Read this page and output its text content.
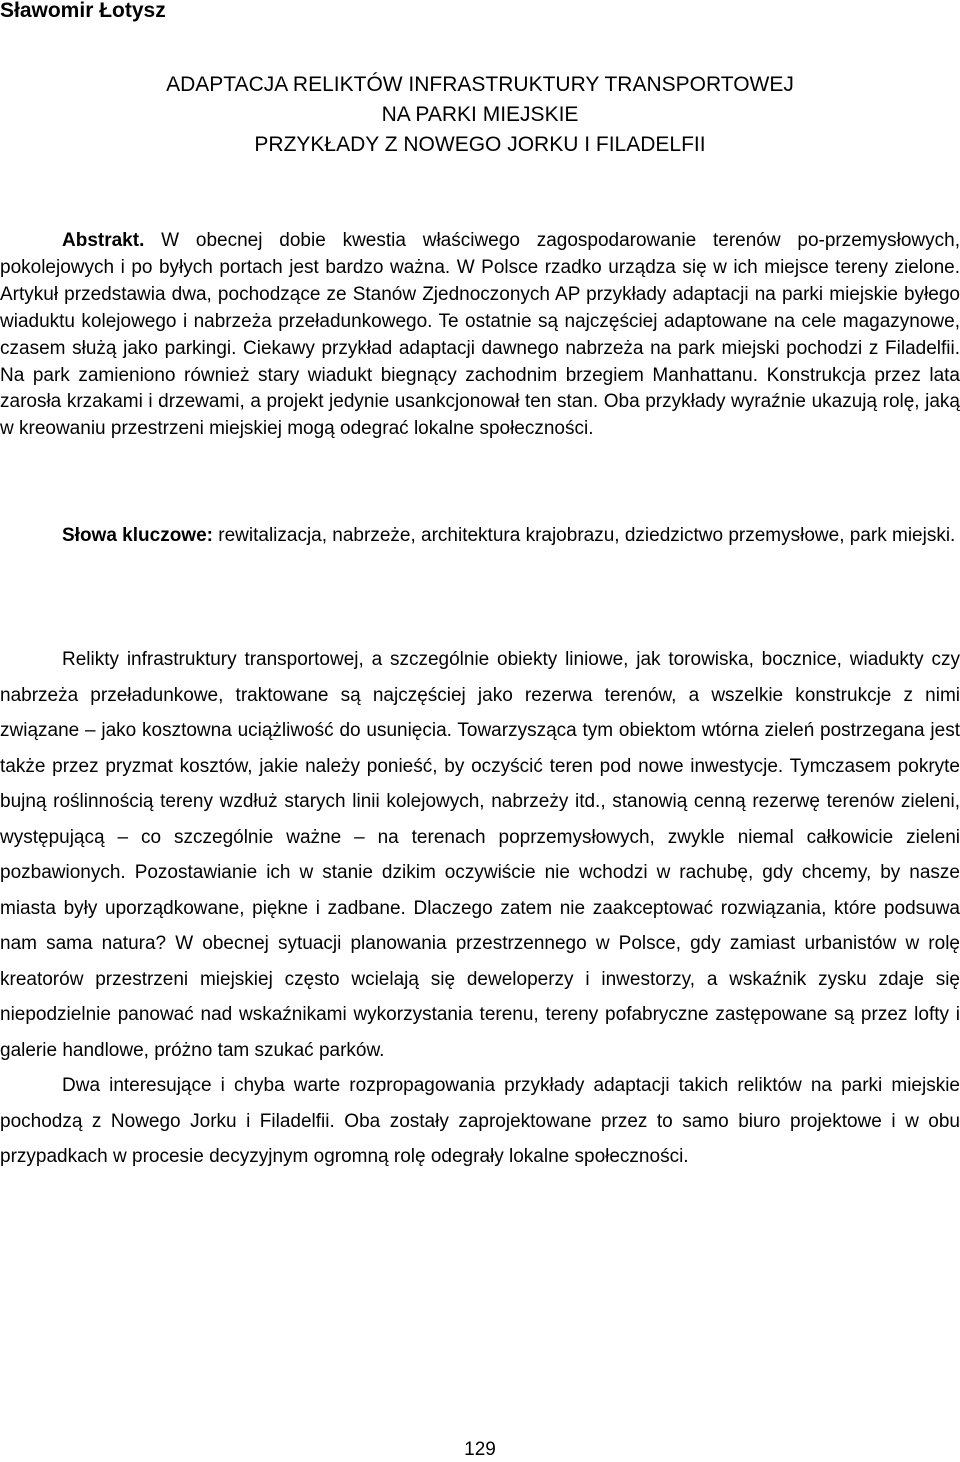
Sławomir Łotysz
ADAPTACJA RELIKTÓW INFRASTRUKTURY TRANSPORTOWEJ
NA PARKI MIEJSKIE
PRZYKŁADY Z NOWEGO JORKU I FILADELFII

Abstrakt. W obecnej dobie kwestia właściwego zagospodarowanie terenów po-przemysłowych, pokolejowych i po byłych portach jest bardzo ważna. W Polsce rzadko urządza się w ich miejsce tereny zielone. Artykuł przedstawia dwa, pochodzące ze Stanów Zjednoczonych AP przykłady adaptacji na parki miejskie byłego wiaduktu kolejowego i nabrzeża przeładunkowego. Te ostatnie są najczęściej adaptowane na cele magazynowe, czasem służą jako parkingi. Ciekawy przykład adaptacji dawnego nabrzeża na park miejski pochodzi z Filadelfii. Na park zamieniono również stary wiadukt biegnący zachodnim brzegiem Manhattanu. Konstrukcja przez lata zarosła krzakami i drzewami, a projekt jedynie usankcjonował ten stan. Oba przykłady wyraźnie ukazują rolę, jaką w kreowaniu przestrzeni miejskiej mogą odegrać lokalne społeczności.

Słowa kluczowe: rewitalizacja, nabrzeże, architektura krajobrazu, dziedzictwo przemysłowe, park miejski.

Relikty infrastruktury transportowej, a szczególnie obiekty liniowe, jak torowiska, bocznice, wiadukty czy nabrzeża przeładunkowe, traktowane są najczęściej jako rezerwa terenów, a wszelkie konstrukcje z nimi związane – jako kosztowna uciążliwość do usunięcia. Towarzysząca tym obiektom wtórna zieleń postrzegana jest także przez pryzmat kosztów, jakie należy ponieść, by oczyścić teren pod nowe inwestycje. Tymczasem pokryte bujną roślinnością tereny wzdłuż starych linii kolejowych, nabrzeży itd., stanowią cenną rezerwę terenów zieleni, występującą – co szczególnie ważne – na terenach poprzemysłowych, zwykle niemal całkowicie zieleni pozbawionych. Pozostawianie ich w stanie dzikim oczywiście nie wchodzi w rachubę, gdy chcemy, by nasze miasta były uporządkowane, piękne i zadbane. Dlaczego zatem nie zaakceptować rozwiązania, które podsuwa nam sama natura? W obecnej sytuacji planowania przestrzennego w Polsce, gdy zamiast urbanistów w rolę kreatorów przestrzeni miejskiej często wcielają się deweloperzy i inwestorzy, a wskaźnik zysku zdaje się niepodzielnie panować nad wskaźnikami wykorzystania terenu, tereny pofabryczne zastępowane są przez lofty i galerie handlowe, próżno tam szukać parków.

Dwa interesujące i chyba warte rozpropagowania przykłady adaptacji takich reliktów na parki miejskie pochodzą z Nowego Jorku i Filadelfii. Oba zostały zaprojektowane przez to samo biuro projektowe i w obu przypadkach w procesie decyzyjnym ogromną rolę odegrały lokalne społeczności.

129
